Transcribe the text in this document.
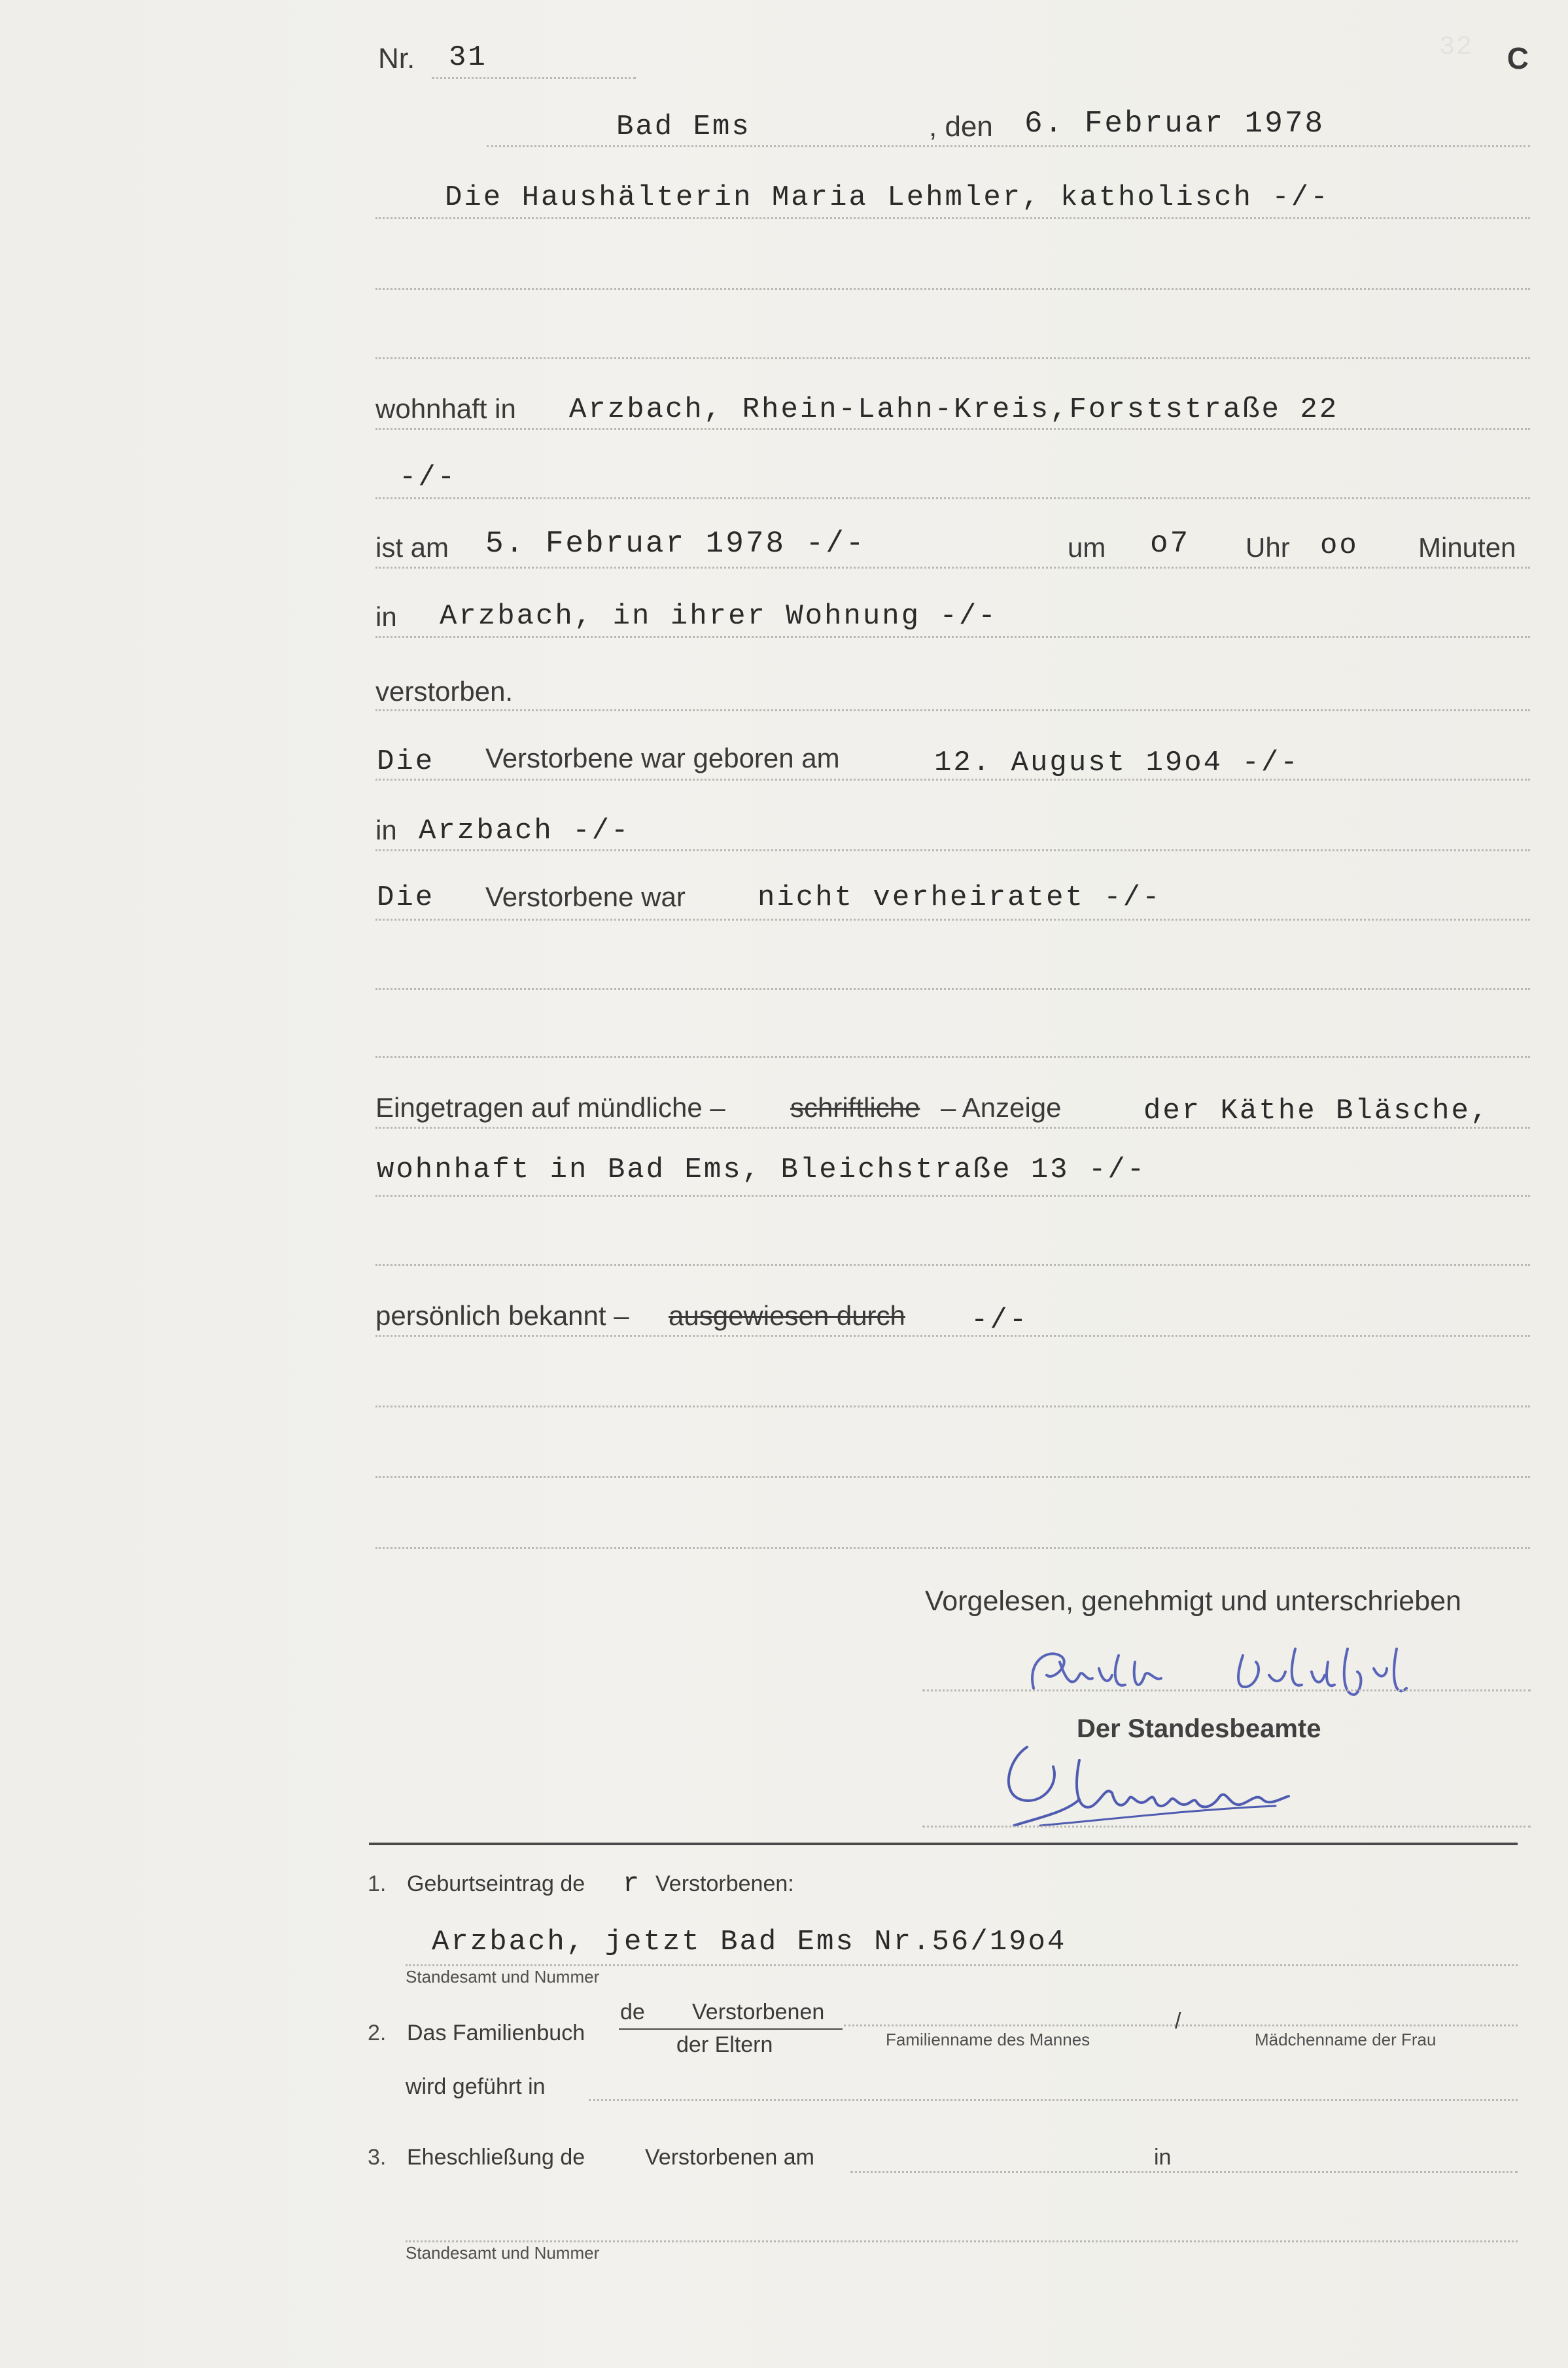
32 C
Nr. 31
Bad Ems	, den 6. Februar 1978
Die Haushälterin Maria Lehmler, katholisch -/-
wohnhaft in Arzbach, Rhein-Lahn-Kreis,Forststraße 22
-/-
ist am 5. Februar 1978 -/-	um o7 Uhr oo Minuten
in Arzbach, in ihrer Wohnung -/-
verstorben.
Die Verstorbene war geboren am	12. August 19o4 -/-
in Arzbach -/-
Die Verstorbene war	nicht verheiratet -/-
Eingetragen auf mündliche – schriftliche – Anzeige	der Käthe Bläsche,
wohnhaft in Bad Ems, Bleichstraße 13 -/-
persönlich bekannt – ausgewiesen durch -/-
Vorgelesen, genehmigt und unterschrieben
Der Standesbeamte
1. Geburtseintrag de r Verstorbenen:
Arzbach, jetzt Bad Ems Nr.56/19o4
Standesamt und Nummer
2. Das Familienbuch
de Verstorbenen
der Eltern
/
Familienname des Mannes	Mädchenname der Frau
wird geführt in
3. Eheschließung de	Verstorbenen am	in
Standesamt und Nummer
